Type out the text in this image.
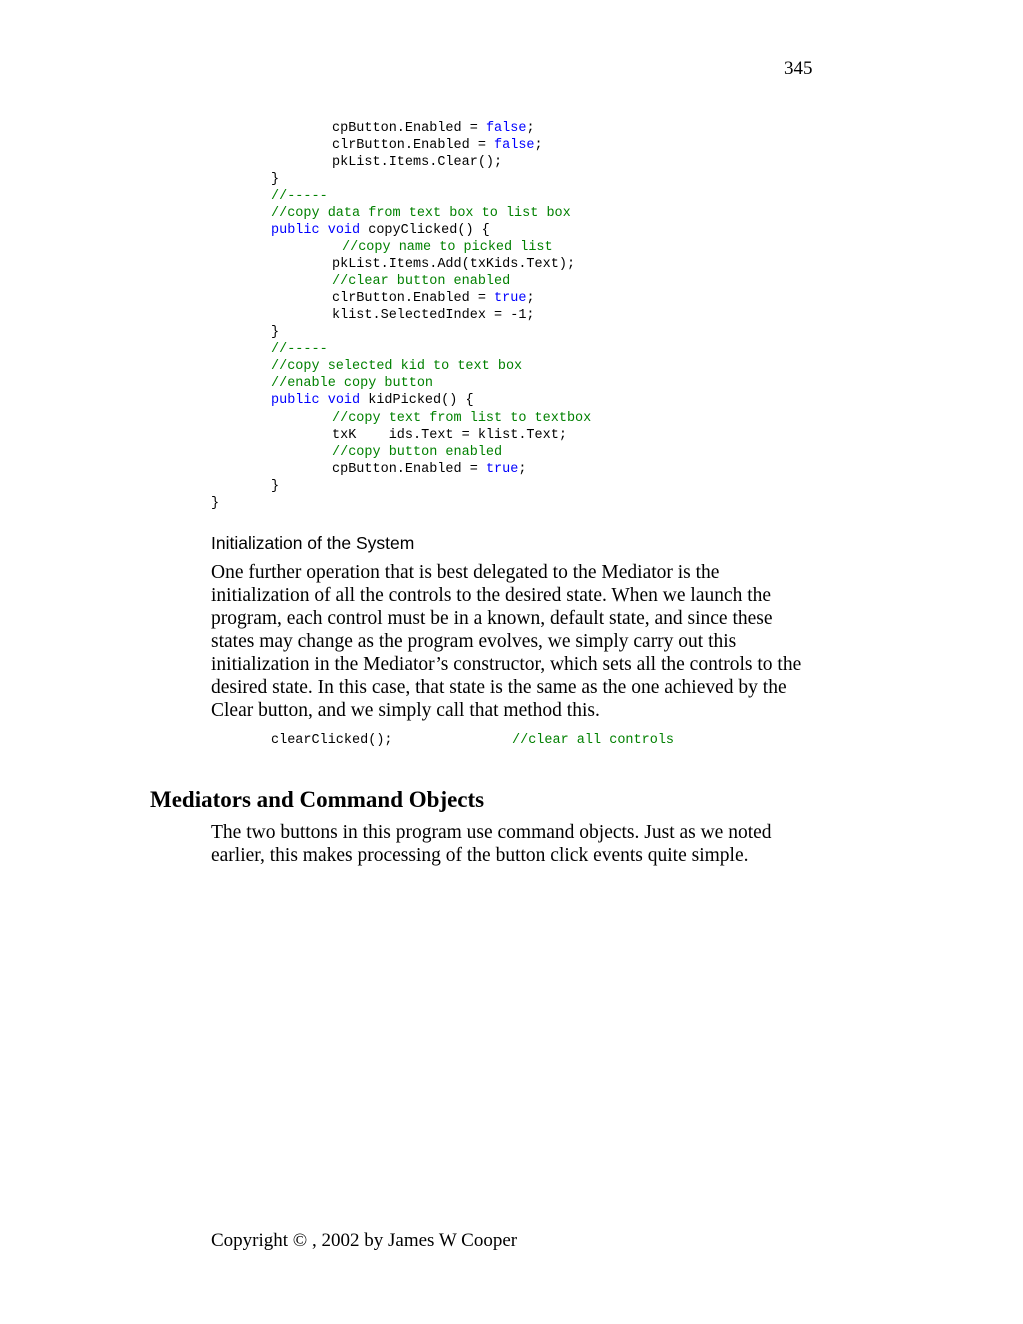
345
cpButton.Enabled = false;
clrButton.Enabled = false;
pkList.Items.Clear();
}
//-----
//copy data from text box to list box
public void copyClicked() {
//copy name to picked list
pkList.Items.Add(txKids.Text);
//clear button enabled
clrButton.Enabled = true;
klist.SelectedIndex = -1;
}
//-----
//copy selected kid to text box
//enable copy button
public void kidPicked() {
//copy text from list to textbox
txK    ids.Text = klist.Text;
//copy button enabled
cpButton.Enabled = true;
}
}
Initialization of the System
One further operation that is best delegated to the Mediator is the initialization of all the controls to the desired state. When we launch the program, each control must be in a known, default state, and since these states may change as the program evolves, we simply carry out this initialization in the Mediator’s constructor, which sets all the controls to the desired state. In this case, that state is the same as the one achieved by the Clear button, and we simply call that method this.

clearClicked();

	//clear all controls

Mediators and Command Objects
The two buttons in this program use command objects. Just as we noted earlier, this makes processing of the button click events quite simple.
Copyright © , 2002 by James W Cooper
